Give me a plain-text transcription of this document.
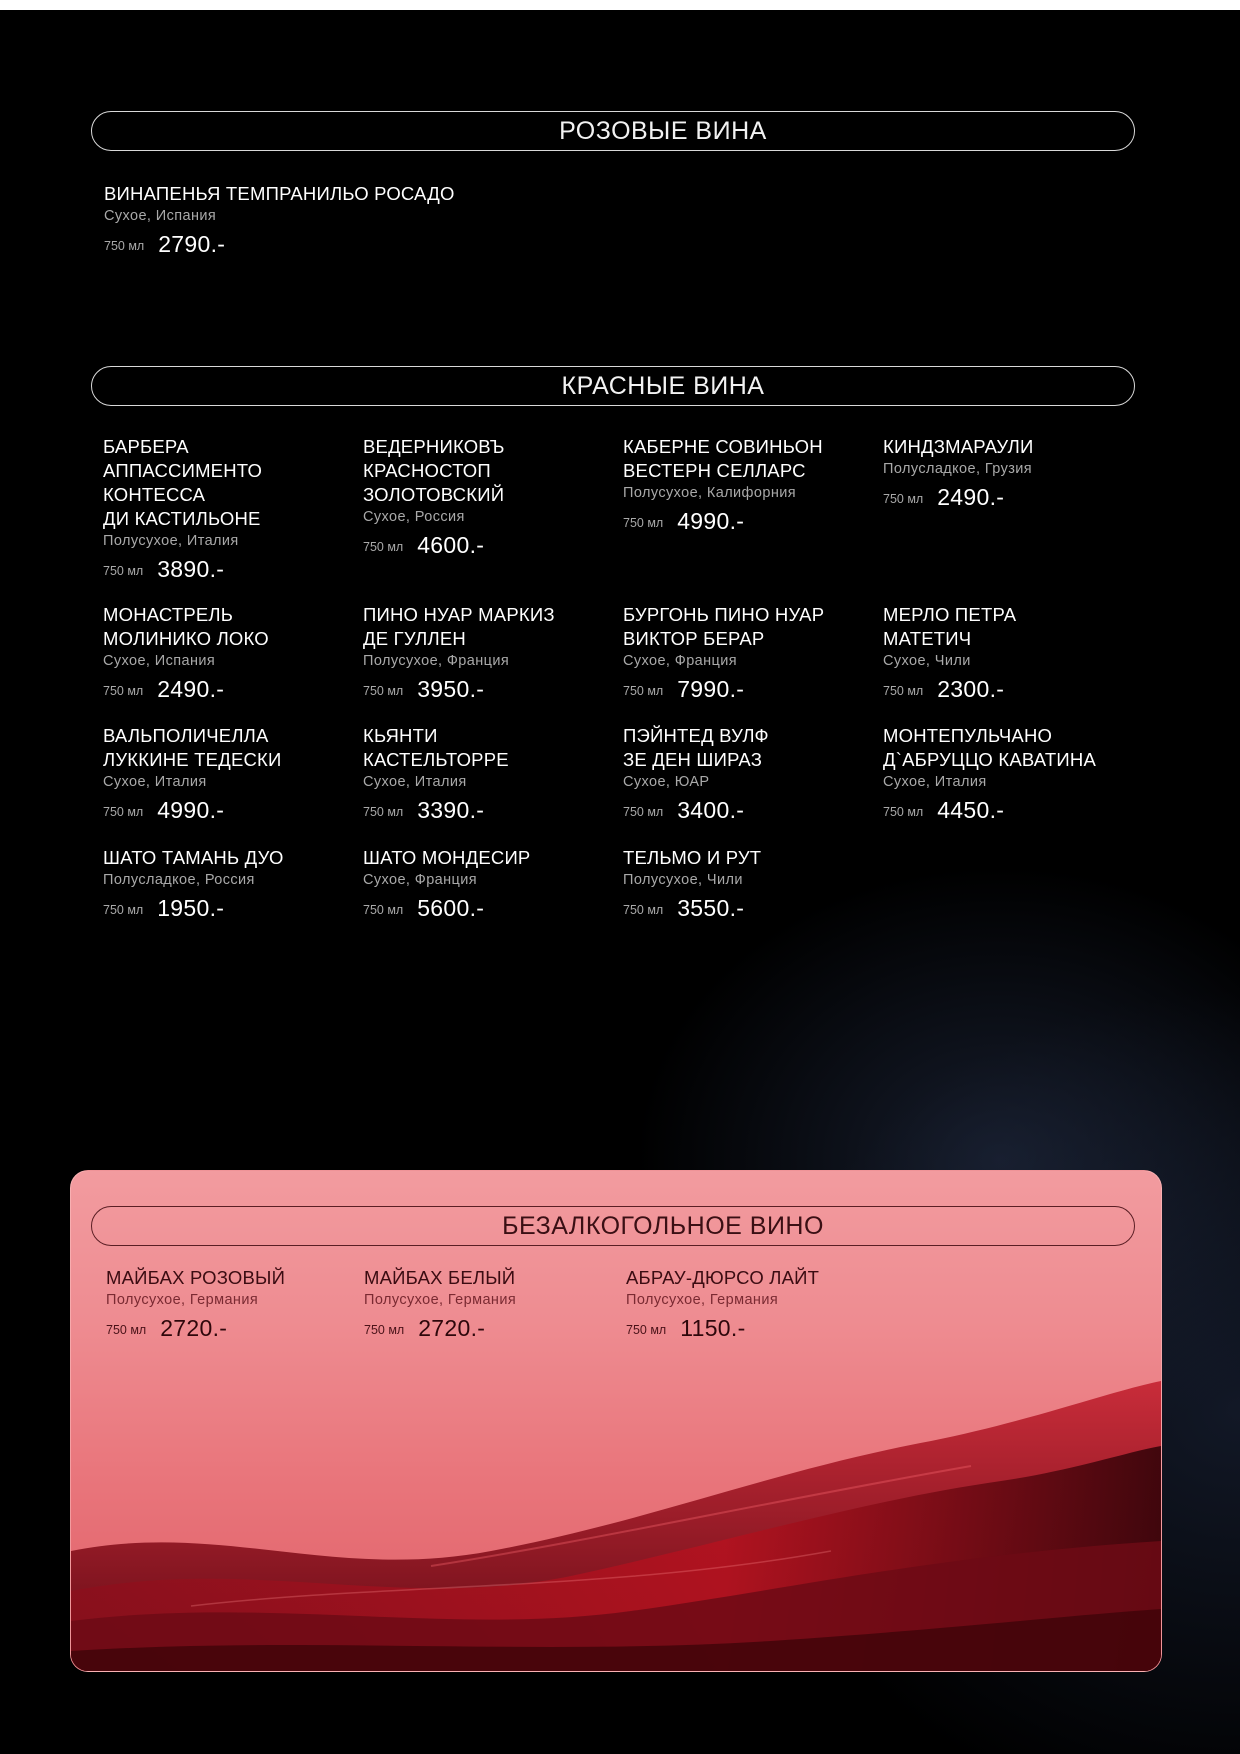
РОЗОВЫЕ ВИНА
ВИНАПЕНЬЯ ТЕМПРАНИЛЬО РОСАДО
Сухое, Испания
750 мл 2790.-
КРАСНЫЕ ВИНА
БАРБЕРА
АППАССИМЕНТО
КОНТЕССА
ДИ КАСТИЛЬОНЕ
Полусухое, Италия
750 мл 3890.-
ВЕДЕРНИКОВЪ
КРАСНОСТОП
ЗОЛОТОВСКИЙ
Сухое, Россия
750 мл 4600.-
КАБЕРНЕ СОВИНЬОН
ВЕСТЕРН СЕЛЛАРС
Полусухое, Калифорния
750 мл 4990.-
КИНДЗМАРАУЛИ
Полусладкое, Грузия
750 мл 2490.-
МОНАСТРЕЛЬ
МОЛИНИКО ЛОКО
Сухое, Испания
750 мл 2490.-
ПИНО НУАР МАРКИЗ
ДЕ ГУЛЛЕН
Полусухое, Франция
750 мл 3950.-
БУРГОНЬ ПИНО НУАР
ВИКТОР БЕРАР
Сухое, Франция
750 мл 7990.-
МЕРЛО ПЕТРА
МАТЕТИЧ
Сухое, Чили
750 мл 2300.-
ВАЛЬПОЛИЧЕЛЛА
ЛУККИНЕ ТЕДЕСКИ
Сухое, Италия
750 мл 4990.-
КЬЯНТИ
КАСТЕЛЬТОРРЕ
Сухое, Италия
750 мл 3390.-
ПЭЙНТЕД ВУЛФ
ЗЕ ДЕН ШИРАЗ
Сухое, ЮАР
750 мл 3400.-
МОНТЕПУЛЬЧАНО
Д`АБРУЦЦО КАВАТИНА
Сухое, Италия
750 мл 4450.-
ШАТО ТАМАНЬ ДУО
Полусладкое, Россия
750 мл 1950.-
ШАТО МОНДЕСИР
Сухое, Франция
750 мл 5600.-
ТЕЛЬМО И РУТ
Полусухое, Чили
750 мл 3550.-
БЕЗАЛКОГОЛЬНОЕ ВИНО
МАЙБАХ РОЗОВЫЙ
Полусухое, Германия
750 мл 2720.-
МАЙБАХ БЕЛЫЙ
Полусухое, Германия
750 мл 2720.-
АБРАУ-ДЮРСО ЛАЙТ
Полусухое, Германия
750 мл 1150.-
